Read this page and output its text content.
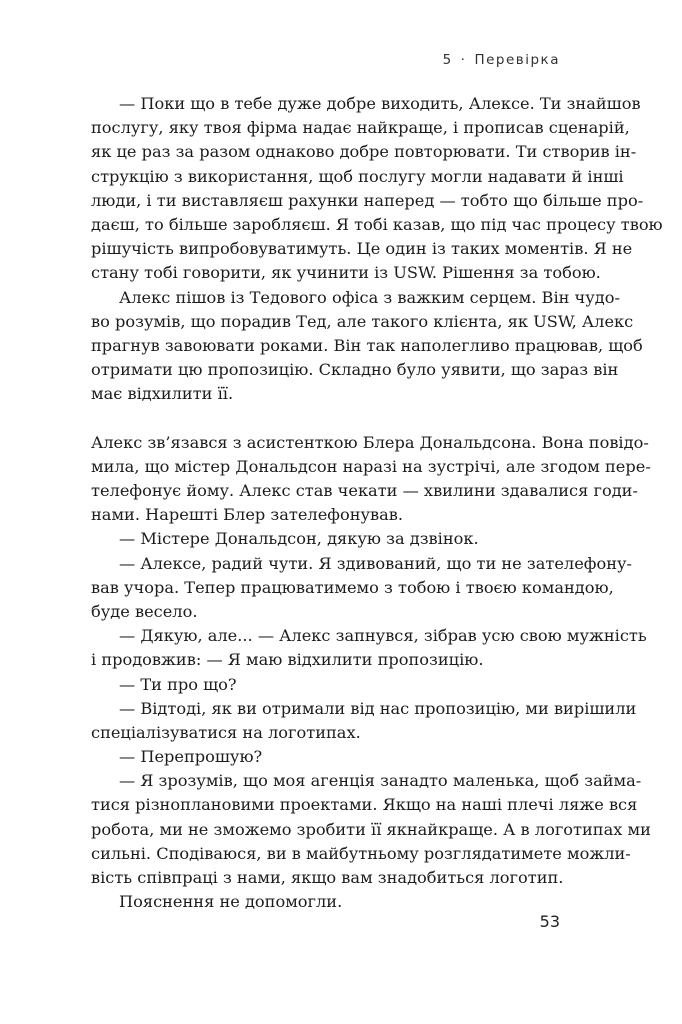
5 · Перевірка
— Поки що в тебе дуже добре виходить, Алексе. Ти знайшов
послугу, яку твоя фірма надає найкраще, і прописав сценарій,
як це раз за разом однаково добре повторювати. Ти створив ін-
струкцію з використання, щоб послугу могли надавати й інші
люди, і ти виставляєш рахунки наперед — тобто що більше про-
даєш, то більше заробляєш. Я тобі казав, що під час процесу твою
рішучість випробовуватимуть. Це один із таких моментів. Я не
стану тобі говорити, як учинити із USW. Рішення за тобою.
Алекс пішов із Тедового офіса з важким серцем. Він чудо-
во розумів, що порадив Тед, але такого клієнта, як USW, Алекс
прагнув завоювати роками. Він так наполегливо працював, щоб
отримати цю пропозицію. Складно було уявити, що зараз він
має відхилити її.
Алекс зв’язався з асистенткою Блера Дональдсона. Вона повідо-
мила, що містер Дональдсон наразі на зустрічі, але згодом пере-
телефонує йому. Алекс став чекати — хвилини здавалися годи-
нами. Нарешті Блер зателефонував.
— Містере Дональдсон, дякую за дзвінок.
— Алексе, радий чути. Я здивований, що ти не зателефону-
вав учора. Тепер працюватимемо з тобою і твоєю командою,
буде весело.
— Дякую, але... — Алекс запнувся, зібрав усю свою мужність
і продовжив: — Я маю відхилити пропозицію.
— Ти про що?
— Відтоді, як ви отримали від нас пропозицію, ми вирішили
спеціалізуватися на логотипах.
— Перепрошую?
— Я зрозумів, що моя агенція занадто маленька, щоб займа-
тися різноплановими проектами. Якщо на наші плечі ляже вся
робота, ми не зможемо зробити її якнайкраще. А в логотипах ми
сильні. Сподіваюся, ви в майбутньому розглядатимете можли-
вість співпраці з нами, якщо вам знадобиться логотип.
Пояснення не допомогли.
53
